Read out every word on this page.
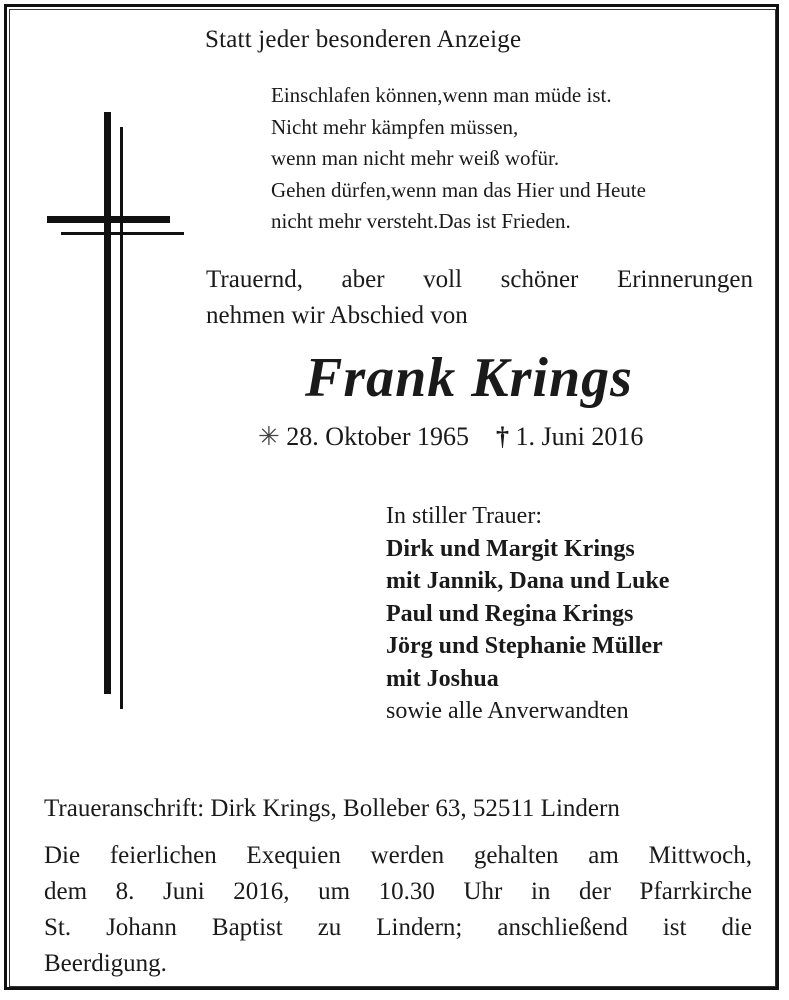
Statt jeder besonderen Anzeige
Einschlafen können,wenn man müde ist.
Nicht mehr kämpfen müssen,
wenn man nicht mehr weiß wofür.
Gehen dürfen,wenn man das Hier und Heute
nicht mehr versteht.Das ist Frieden.
Trauernd, aber voll schöner Erinnerungen
nehmen wir Abschied von
Frank Krings
✳ 28. Oktober 1965 † 1. Juni 2016
In stiller Trauer:
Dirk und Margit Krings
mit Jannik, Dana und Luke
Paul und Regina Krings
Jörg und Stephanie Müller
mit Joshua
sowie alle Anverwandten
Traueranschrift: Dirk Krings, Bolleber 63, 52511 Lindern
Die feierlichen Exequien werden gehalten am Mittwoch,
dem 8. Juni 2016, um 10.30 Uhr in der Pfarrkirche
St. Johann Baptist zu Lindern; anschließend ist die
Beerdigung.
